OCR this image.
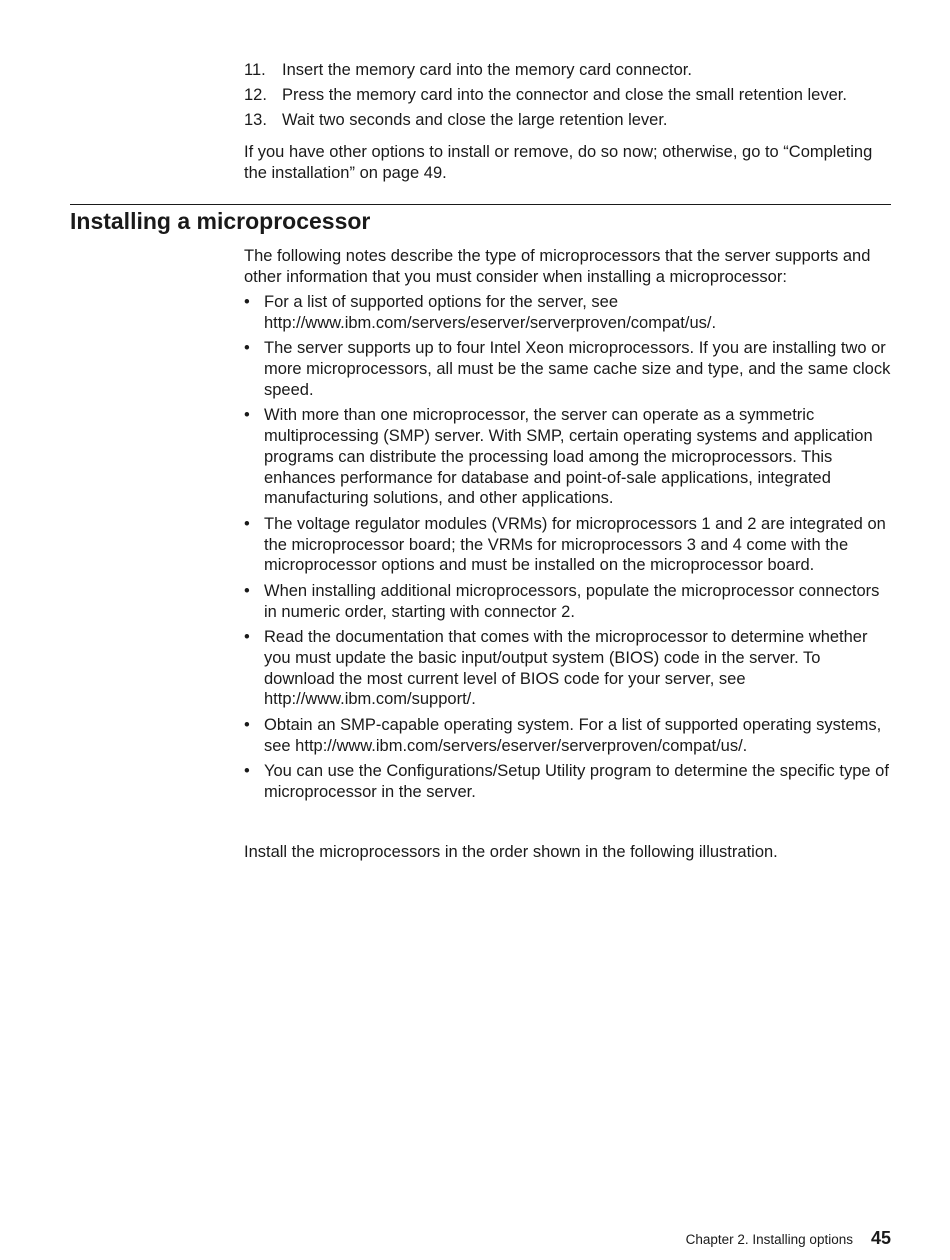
11. Insert the memory card into the memory card connector.
12. Press the memory card into the connector and close the small retention lever.
13. Wait two seconds and close the large retention lever.

If you have other options to install or remove, do so now; otherwise, go to “Completing the installation” on page 49.

Installing a microprocessor

The following notes describe the type of microprocessors that the server supports and other information that you must consider when installing a microprocessor:

• For a list of supported options for the server, see http://www.ibm.com/servers/eserver/serverproven/compat/us/.
• The server supports up to four Intel Xeon microprocessors. If you are installing two or more microprocessors, all must be the same cache size and type, and the same clock speed.
• With more than one microprocessor, the server can operate as a symmetric multiprocessing (SMP) server. With SMP, certain operating systems and application programs can distribute the processing load among the microprocessors. This enhances performance for database and point-of-sale applications, integrated manufacturing solutions, and other applications.
• The voltage regulator modules (VRMs) for microprocessors 1 and 2 are integrated on the microprocessor board; the VRMs for microprocessors 3 and 4 come with the microprocessor options and must be installed on the microprocessor board.
• When installing additional microprocessors, populate the microprocessor connectors in numeric order, starting with connector 2.
• Read the documentation that comes with the microprocessor to determine whether you must update the basic input/output system (BIOS) code in the server. To download the most current level of BIOS code for your server, see http://www.ibm.com/support/.
• Obtain an SMP-capable operating system. For a list of supported operating systems, see http://www.ibm.com/servers/eserver/serverproven/compat/us/.
• You can use the Configurations/Setup Utility program to determine the specific type of microprocessor in the server.

Install the microprocessors in the order shown in the following illustration.

Chapter 2. Installing options 45
